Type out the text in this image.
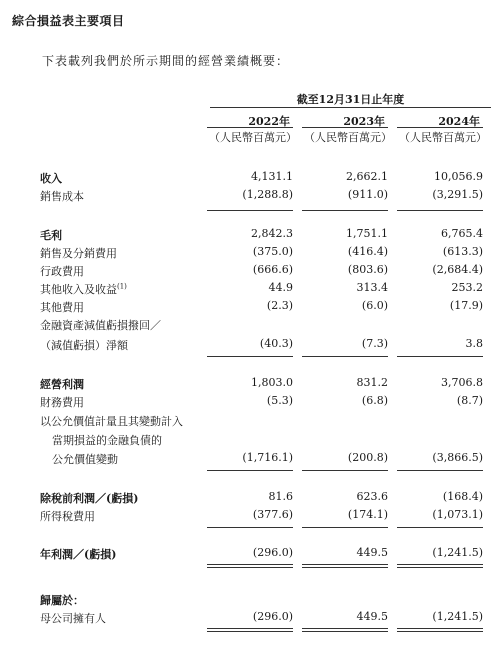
綜合損益表主要項目
下表載列我們於所示期間的經營業績概要：
截至12月31日止年度
2022年	2023年	2024年
（人民幣百萬元） （人民幣百萬元） （人民幣百萬元）
收入	4,131.1	2,662.1	10,056.9
銷售成本	(1,288.8)	(911.0)	(3,291.5)
毛利	2,842.3	1,751.1	6,765.4
銷售及分銷費用	(375.0)	(416.4)	(613.3)
行政費用	(666.6)	(803.6)	(2,684.4)
其他收入及收益$^{(1)}$	44.9	313.4	253.2
其他費用	(2.3)	(6.0)	(17.9)
金融資產減值虧損撥回／
（減值虧損）淨額	(40.3)	(7.3)	3.8
經營利潤	1,803.0	831.2	3,706.8
財務費用	(5.3)	(6.8)	(8.7)
以公允價值計量且其變動計入
當期損益的金融負債的
公允價值變動	(1,716.1)	(200.8)	(3,866.5)
除稅前利潤／(虧損)	81.6	623.6	(168.4)
所得稅費用	(377.6)	(174.1)	(1,073.1)
年利潤／(虧損)	(296.0)	449.5	(1,241.5)
歸屬於：
母公司擁有人	(296.0)	449.5	(1,241.5)
